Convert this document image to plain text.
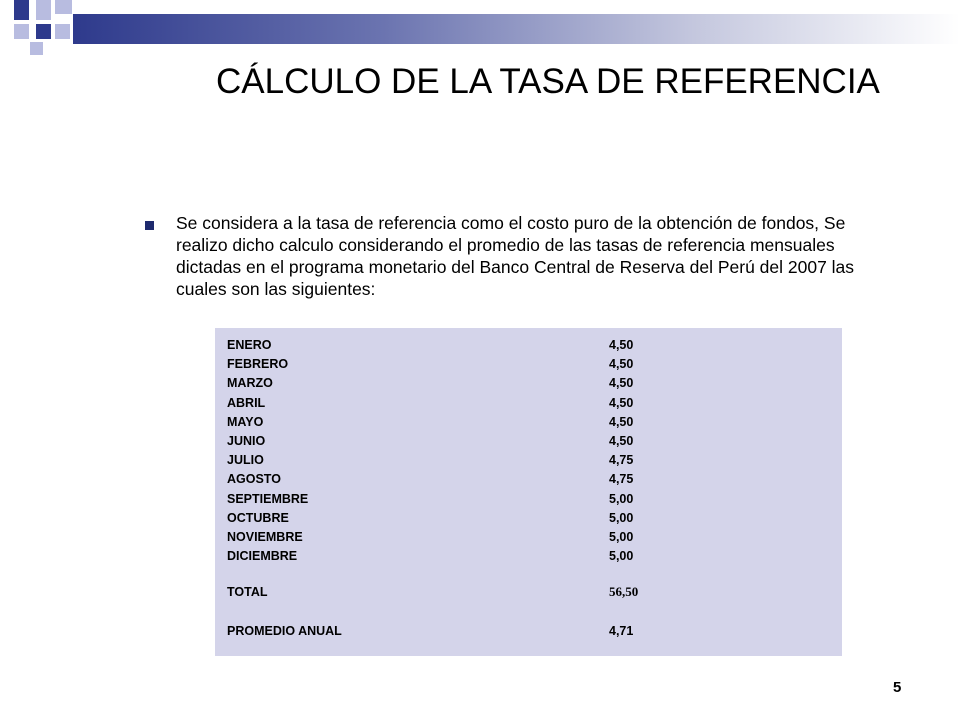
CÁLCULO DE LA TASA DE REFERENCIA
Se considera a la tasa de referencia como el costo puro de la obtención de fondos, Se realizo dicho calculo considerando el promedio de las tasas de referencia mensuales dictadas en el programa monetario del Banco Central de Reserva del Perú del 2007 las cuales son las siguientes:
ENERO	4,50
FEBRERO	4,50
MARZO	4,50
ABRIL	4,50
MAYO	4,50
JUNIO	4,50
JULIO	4,75
AGOSTO	4,75
SEPTIEMBRE	5,00
OCTUBRE	5,00
NOVIEMBRE	5,00
DICIEMBRE	5,00
TOTAL	56,50
PROMEDIO ANUAL	4,71
5
